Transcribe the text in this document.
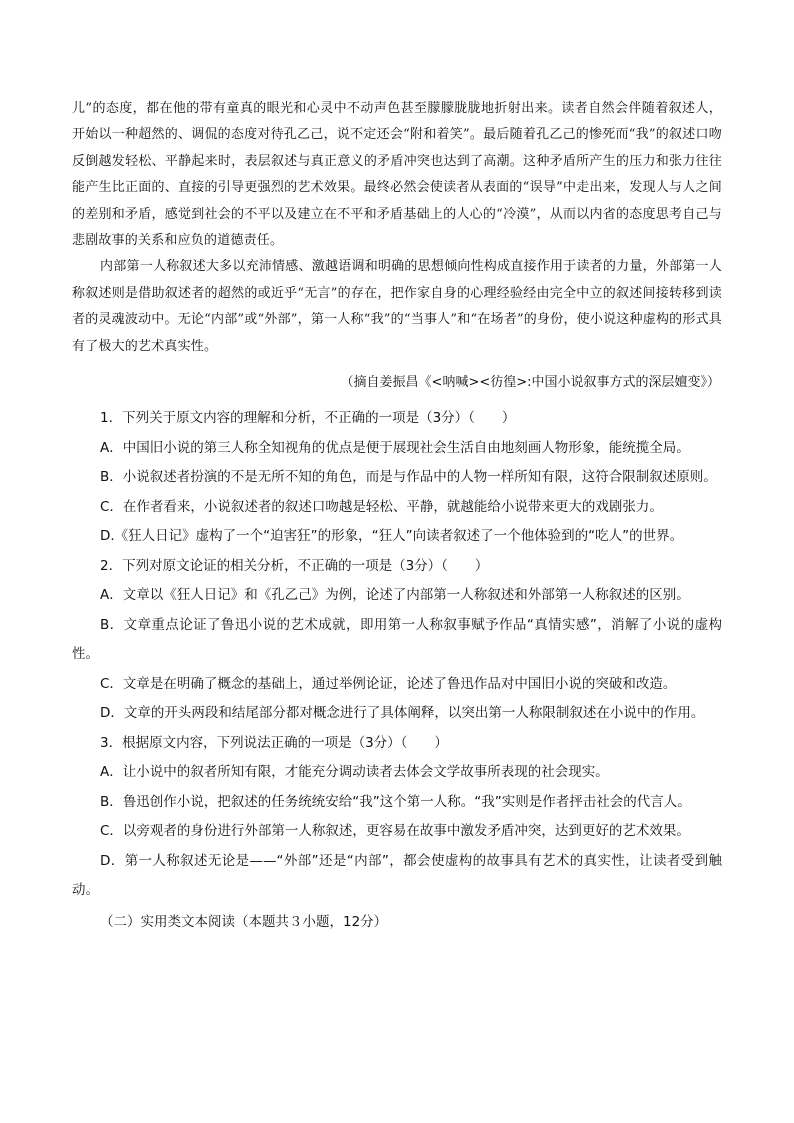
儿”的态度，都在他的带有童真的眼光和心灵中不动声色甚至朦朦胧胧地折射出来。读者自然会伴随着叙述人，开始以一种超然的、调侃的态度对待孔乙己，说不定还会“附和着笑”。最后随着孔乙己的惨死而“我”的叙述口吻反倒越发轻松、平静起来时，表层叙述与真正意义的矛盾冲突也达到了高潮。这种矛盾所产生的压力和张力往往能产生比正面的、直接的引导更强烈的艺术效果。最终必然会使读者从表面的“误导”中走出来，发现人与人之间的差别和矛盾，感觉到社会的不平以及建立在不平和矛盾基础上的人心的“冷漠”，从而以内省的态度思考自己与悲剧故事的关系和应负的道德责任。

内部第一人称叙述大多以充沛情感、激越语调和明确的思想倾向性构成直接作用于读者的力量，外部第一人称叙述则是借助叙述者的超然的或近乎“无言”的存在，把作家自身的心理经验经由完全中立的叙述间接转移到读者的灵魂波动中。无论“内部”或“外部”，第一人称“我”的“当事人”和“在场者”的身份，使小说这种虚构的形式具有了极大的艺术真实性。

（摘自姜振昌《<呐喊><彷徨>:中国小说叙事方式的深层嬗变》）

1．下列关于原文内容的理解和分析，不正确的一项是（3分）（　　）

A．中国旧小说的第三人称全知视角的优点是便于展现社会生活自由地刻画人物形象，能统揽全局。

B．小说叙述者扮演的不是无所不知的角色，而是与作品中的人物一样所知有限，这符合限制叙述原则。

C．在作者看来，小说叙述者的叙述口吻越是轻松、平静，就越能给小说带来更大的戏剧张力。

D.《狂人日记》虚构了一个“迫害狂”的形象，“狂人”向读者叙述了一个他体验到的“吃人”的世界。

2．下列对原文论证的相关分析，不正确的一项是（3分）（　　）

A．文章以《狂人日记》和《孔乙己》为例，论述了内部第一人称叙述和外部第一人称叙述的区别。

B．文章重点论证了鲁迅小说的艺术成就，即用第一人称叙事赋予作品“真情实感”，消解了小说的虚构性。

C．文章是在明确了概念的基础上，通过举例论证，论述了鲁迅作品对中国旧小说的突破和改造。

D．文章的开头两段和结尾部分都对概念进行了具体阐释，以突出第一人称限制叙述在小说中的作用。

3．根据原文内容，下列说法正确的一项是（3分）（　　）

A．让小说中的叙者所知有限，才能充分调动读者去体会文学故事所表现的社会现实。

B．鲁迅创作小说，把叙述的任务统统安给“我”这个第一人称。“我”实则是作者抨击社会的代言人。

C．以旁观者的身份进行外部第一人称叙述，更容易在故事中激发矛盾冲突，达到更好的艺术效果。

D．第一人称叙述无论是——“外部”还是“内部”，都会使虚构的故事具有艺术的真实性，让读者受到触动。

（二）实用类文本阅读（本题共３小题，12分）
